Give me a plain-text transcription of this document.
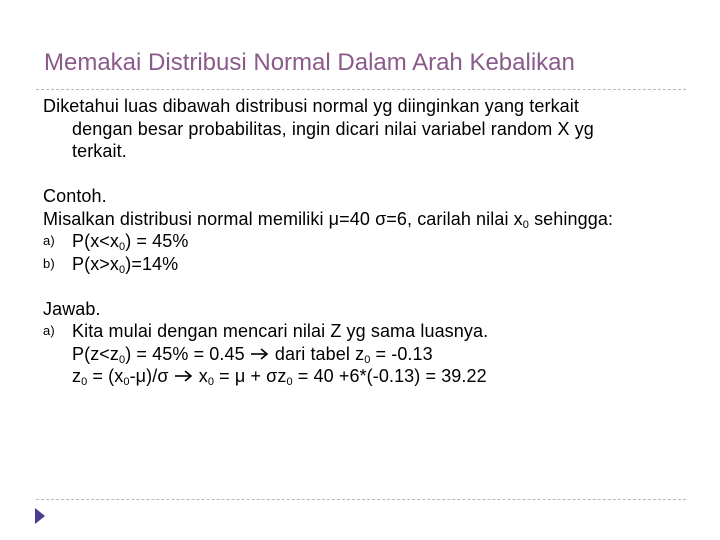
Memakai Distribusi Normal Dalam Arah Kebalikan
Diketahui luas dibawah distribusi normal yg diinginkan yang terkait
dengan besar probabilitas, ingin dicari nilai variabel random X yg
terkait.
Contoh.
Misalkan distribusi normal memiliki μ=40 σ=6, carilah nilai $x_0$ sehingga:
a) $P(x<x_0) = 45\%$
b) $P(x>x_0)=14\%$
Jawab.
a) Kita mulai dengan mencari nilai Z yg sama luasnya.
$P(z<z_0) = 45\% = 0.45$  dari tabel $z_0 = -0.13$
$z_0 = (x_0-\mu)/\sigma$  $x_0 = \mu + \sigma z_0 = 40 +6*(-0.13) = 39.22$
